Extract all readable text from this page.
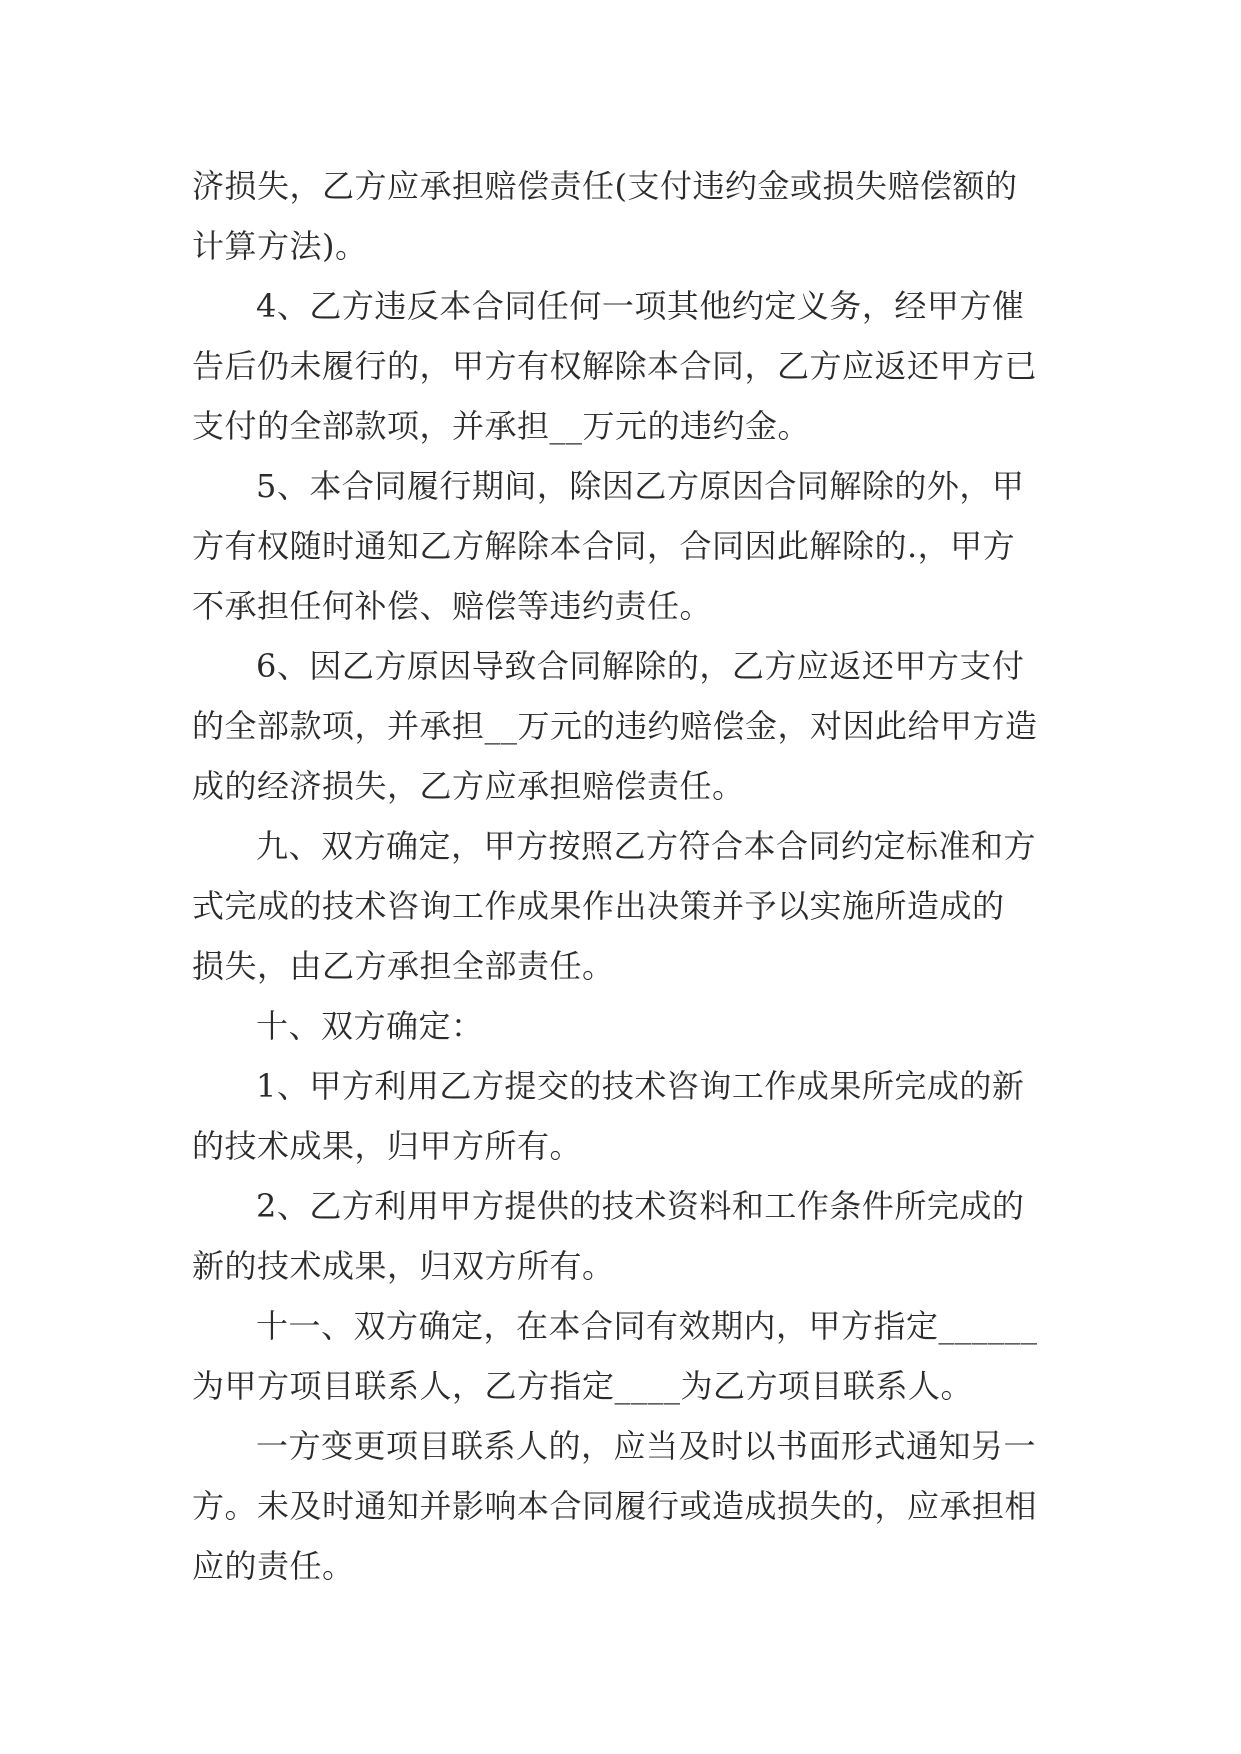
济损失，乙方应承担赔偿责任(支付违约金或损失赔偿额的
计算方法)。
4、乙方违反本合同任何一项其他约定义务，经甲方催
告后仍未履行的，甲方有权解除本合同，乙方应返还甲方已
支付的全部款项，并承担__万元的违约金。
5、本合同履行期间，除因乙方原因合同解除的外，甲
方有权随时通知乙方解除本合同，合同因此解除的.，甲方
不承担任何补偿、赔偿等违约责任。
6、因乙方原因导致合同解除的，乙方应返还甲方支付
的全部款项，并承担__万元的违约赔偿金，对因此给甲方造
成的经济损失，乙方应承担赔偿责任。
九、双方确定，甲方按照乙方符合本合同约定标准和方
式完成的技术咨询工作成果作出决策并予以实施所造成的
损失，由乙方承担全部责任。
十、双方确定：
1、甲方利用乙方提交的技术咨询工作成果所完成的新
的技术成果，归甲方所有。
2、乙方利用甲方提供的技术资料和工作条件所完成的
新的技术成果，归双方所有。
十一、双方确定，在本合同有效期内，甲方指定______
为甲方项目联系人，乙方指定____为乙方项目联系人。
一方变更项目联系人的，应当及时以书面形式通知另一
方。未及时通知并影响本合同履行或造成损失的，应承担相
应的责任。
